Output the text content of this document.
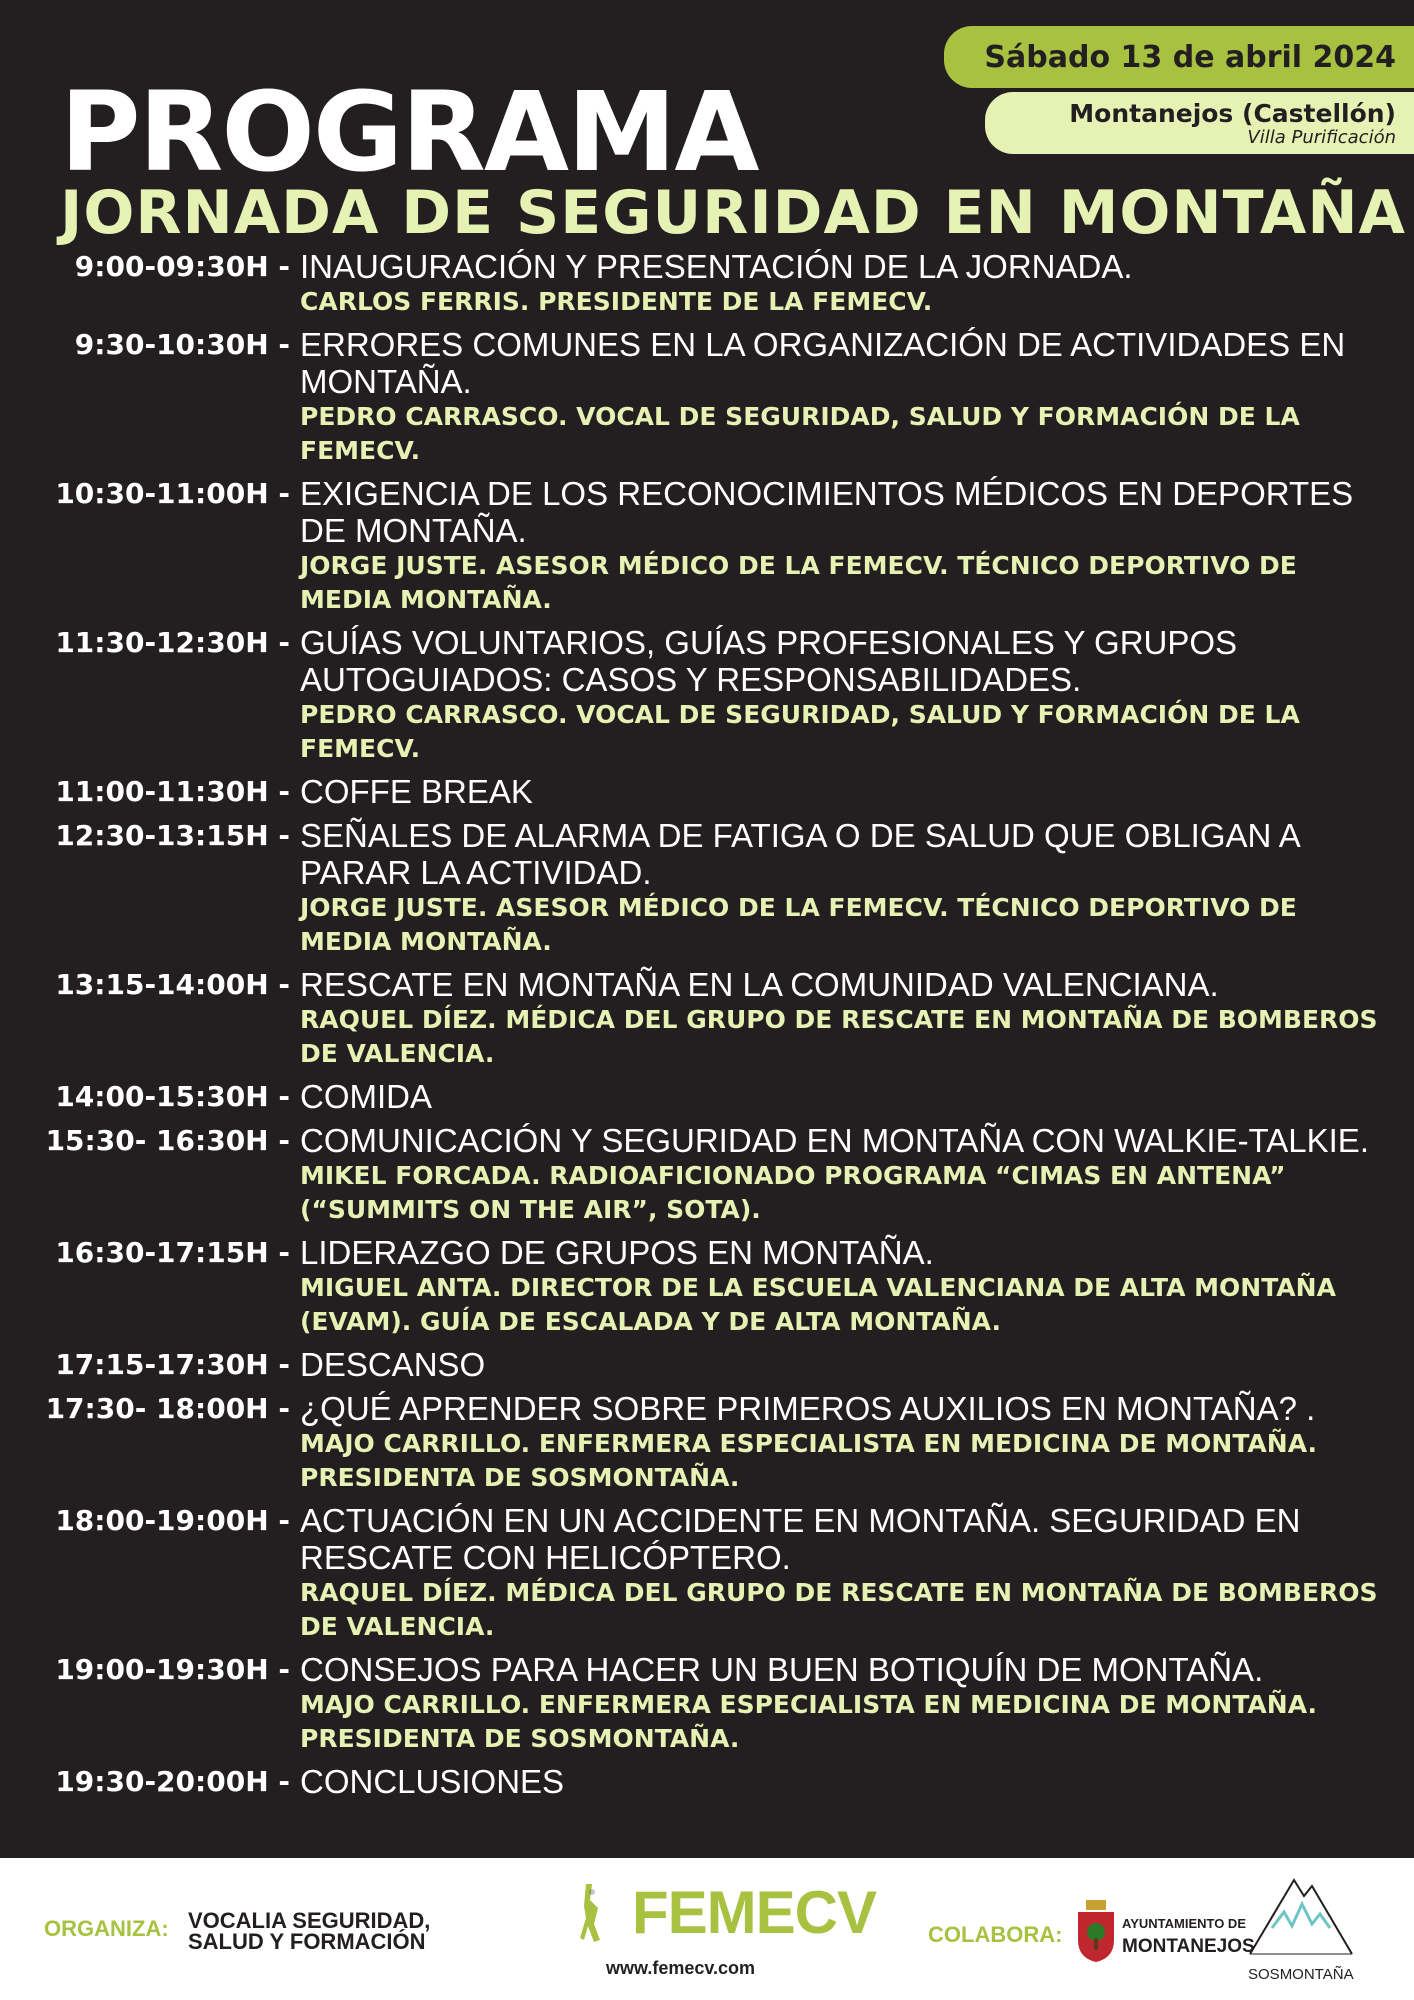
Sábado 13 de abril 2024
Montanejos (Castellón)
Villa Purificación
PROGRAMA
JORNADA DE SEGURIDAD EN MONTAÑA
9:00-09:30H - INAUGURACIÓN Y PRESENTACIÓN DE LA JORNADA.
CARLOS FERRIS. PRESIDENTE DE LA FEMECV.
9:30-10:30H - ERRORES COMUNES EN LA ORGANIZACIÓN DE ACTIVIDADES EN MONTAÑA.
PEDRO CARRASCO. VOCAL DE SEGURIDAD, SALUD Y FORMACIÓN DE LA FEMECV.
10:30-11:00H - EXIGENCIA DE LOS RECONOCIMIENTOS MÉDICOS EN DEPORTES DE MONTAÑA.
JORGE JUSTE. ASESOR MÉDICO DE LA FEMECV. TÉCNICO DEPORTIVO DE MEDIA MONTAÑA.
11:30-12:30H - GUÍAS VOLUNTARIOS, GUÍAS PROFESIONALES Y GRUPOS AUTOGUIADOS: CASOS Y RESPONSABILIDADES.
PEDRO CARRASCO. VOCAL DE SEGURIDAD, SALUD Y FORMACIÓN DE LA FEMECV.
11:00-11:30H - COFFE BREAK
12:30-13:15H - SEÑALES DE ALARMA DE FATIGA O DE SALUD QUE OBLIGAN A PARAR LA ACTIVIDAD.
JORGE JUSTE. ASESOR MÉDICO DE LA FEMECV. TÉCNICO DEPORTIVO DE MEDIA MONTAÑA.
13:15-14:00H - RESCATE EN MONTAÑA EN LA COMUNIDAD VALENCIANA.
RAQUEL DÍEZ. MÉDICA DEL GRUPO DE RESCATE EN MONTAÑA DE BOMBEROS DE VALENCIA.
14:00-15:30H - COMIDA
15:30- 16:30H - COMUNICACIÓN Y SEGURIDAD EN MONTAÑA CON WALKIE-TALKIE.
MIKEL FORCADA. RADIOAFICIONADO PROGRAMA “CIMAS EN ANTENA” (“SUMMITS ON THE AIR”, SOTA).
16:30-17:15H - LIDERAZGO DE GRUPOS EN MONTAÑA.
MIGUEL ANTA. DIRECTOR DE LA ESCUELA VALENCIANA DE ALTA MONTAÑA (EVAM). GUÍA DE ESCALADA Y DE ALTA MONTAÑA.
17:15-17:30H - DESCANSO
17:30- 18:00H - ¿QUÉ APRENDER SOBRE PRIMEROS AUXILIOS EN MONTAÑA? .
MAJO CARRILLO. ENFERMERA ESPECIALISTA EN MEDICINA DE MONTAÑA. PRESIDENTA DE SOSMONTAÑA.
18:00-19:00H - ACTUACIÓN EN UN ACCIDENTE EN MONTAÑA. SEGURIDAD EN RESCATE CON HELICÓPTERO.
RAQUEL DÍEZ. MÉDICA DEL GRUPO DE RESCATE EN MONTAÑA DE BOMBEROS DE VALENCIA.
19:00-19:30H - CONSEJOS PARA HACER UN BUEN BOTIQUÍN DE MONTAÑA.
MAJO CARRILLO. ENFERMERA ESPECIALISTA EN MEDICINA DE MONTAÑA. PRESIDENTA DE SOSMONTAÑA.
19:30-20:00H - CONCLUSIONES
ORGANIZA: VOCALIA SEGURIDAD, SALUD Y FORMACIÓN	FEMECV
www.femecv.com
COLABORA:	AYUNTAMIENTO DE
MONTANEJOS
SOSMONTAÑA
